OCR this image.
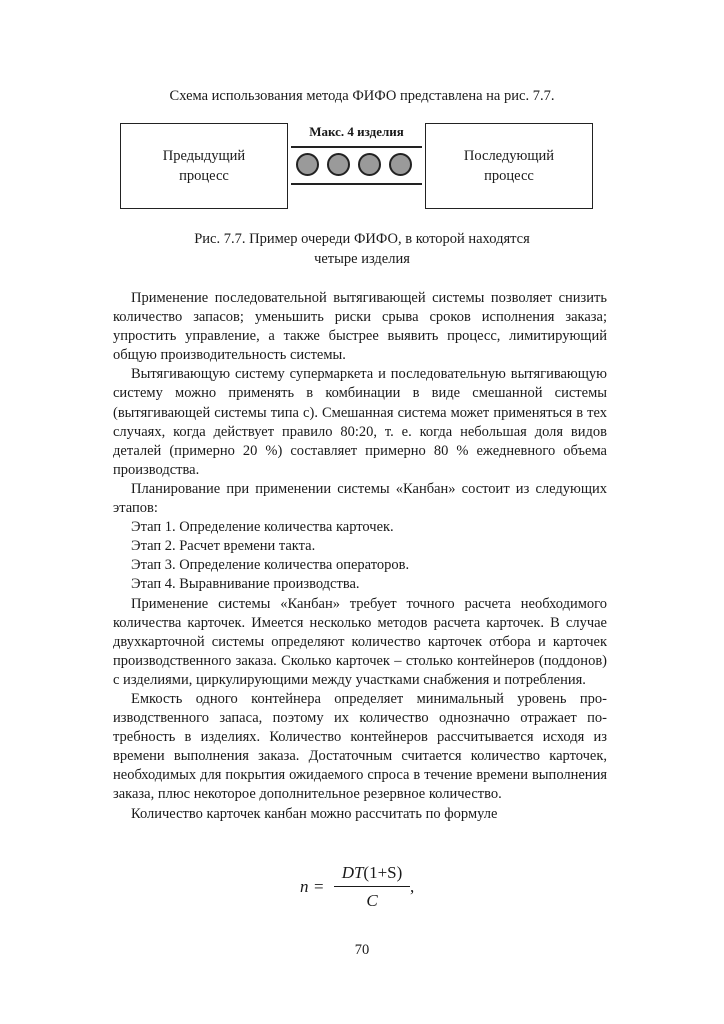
Схема использования метода ФИФО представлена на рис. 7.7.
Предыдущий
процесс
Макс. 4 изделия
Последующий
процесс
Рис. 7.7. Пример очереди ФИФО, в которой находятся
четыре изделия

Применение последовательной вытягивающей системы позволяет снизить количество запасов; уменьшить риски срыва сроков исполнения заказа; упростить управление, а также быстрее выявить процесс, лимитирующий общую производительность системы.

Вытягивающую систему супермаркета и последовательную вытягивающую систему можно применять в комбинации в виде смешанной системы (вытягивающей системы типа с). Смешанная система может применяться в тех случаях, когда действует правило 80:20, т. е. когда небольшая доля видов деталей (примерно 20 %) составляет примерно 80 % ежедневного объема производства.

Планирование при применении системы «Канбан» состоит из следующих этапов:

Этап 1. Определение количества карточек.

Этап 2. Расчет времени такта.

Этап 3. Определение количества операторов.

Этап 4. Выравнивание производства.

Применение системы «Канбан» требует точного расчета необходимого количества карточек. Имеется несколько методов расчета карточек. В случае двухкарточной системы определяют количество карточек отбора и карточек производственного заказа. Сколько карточек – столько контейнеров (поддонов) с изделиями, циркулирующими между участками снабжения и потребления.

Емкость одного контейнера определяет минимальный уровень производственного запаса, поэтому их количество однозначно отражает потребность в изделиях. Количество контейнеров рассчитывается исходя из времени выполнения заказа. Достаточным считается количество карточек, необходимых для покрытия ожидаемого спроса в течение времени выполнения заказа, плюс некоторое дополнительное резервное количество.

Количество карточек канбан можно рассчитать по формуле

n =
DT(1+S)
C
,
70
